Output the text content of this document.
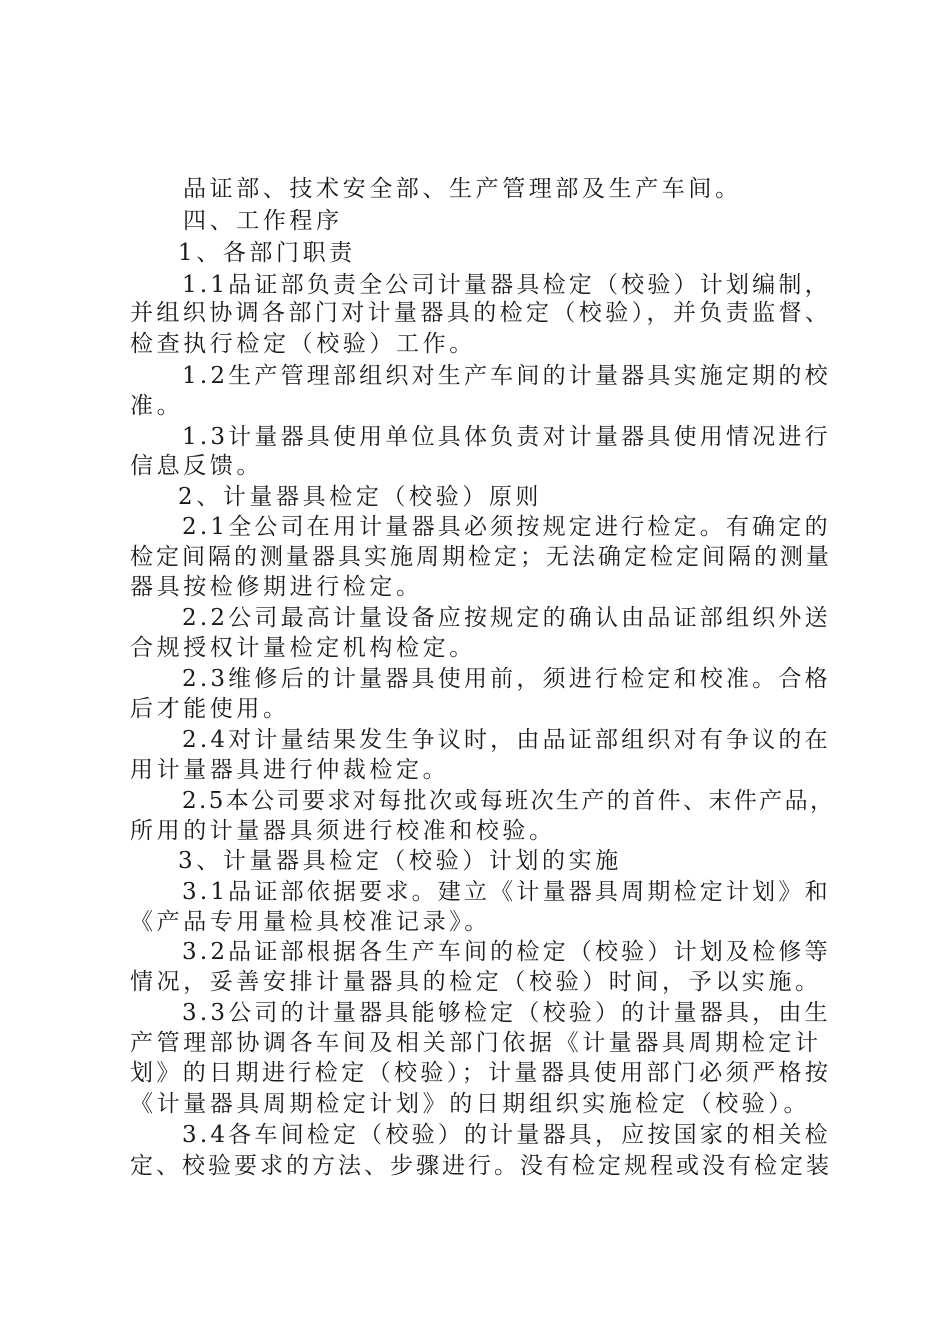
品证部、技术安全部、生产管理部及生产车间。
四、工作程序
1、各部门职责
1.1品证部负责全公司计量器具检定（校验）计划编制，
并组织协调各部门对计量器具的检定（校验），并负责监督、
检查执行检定（校验）工作。
1.2生产管理部组织对生产车间的计量器具实施定期的校
准。
1.3计量器具使用单位具体负责对计量器具使用情况进行
信息反馈。
2、计量器具检定（校验）原则
2.1全公司在用计量器具必须按规定进行检定。有确定的
检定间隔的测量器具实施周期检定；无法确定检定间隔的测量
器具按检修期进行检定。
2.2公司最高计量设备应按规定的确认由品证部组织外送
合规授权计量检定机构检定。
2.3维修后的计量器具使用前，须进行检定和校准。合格
后才能使用。
2.4对计量结果发生争议时，由品证部组织对有争议的在
用计量器具进行仲裁检定。
2.5本公司要求对每批次或每班次生产的首件、末件产品，
所用的计量器具须进行校准和校验。
3、计量器具检定（校验）计划的实施
3.1品证部依据要求。建立《计量器具周期检定计划》和
《产品专用量检具校准记录》。
3.2品证部根据各生产车间的检定（校验）计划及检修等
情况，妥善安排计量器具的检定（校验）时间，予以实施。
3.3公司的计量器具能够检定（校验）的计量器具，由生
产管理部协调各车间及相关部门依据《计量器具周期检定计
划》的日期进行检定（校验）；计量器具使用部门必须严格按
《计量器具周期检定计划》的日期组织实施检定（校验）。
3.4各车间检定（校验）的计量器具，应按国家的相关检
定、校验要求的方法、步骤进行。没有检定规程或没有检定装
